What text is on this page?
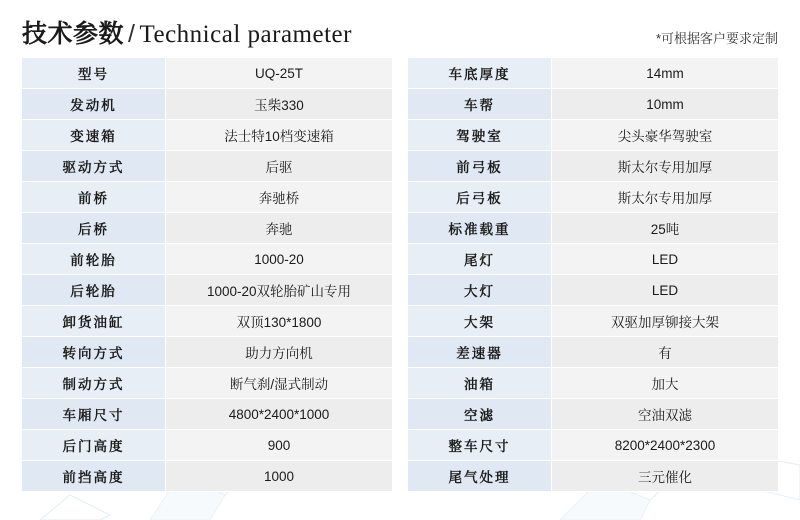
技术参数 / Technical parameter	*可根据客户要求定制
型号	UQ-25T
发动机	玉柴330
变速箱	法士特10档变速箱
驱动方式	后驱
前桥	奔驰桥
后桥	奔驰
前轮胎	1000-20
后轮胎	1000-20双轮胎矿山专用
卸货油缸	双顶130*1800
转向方式	助力方向机
制动方式	断气刹/湿式制动
车厢尺寸	4800*2400*1000
后门高度	900
前挡高度	1000
车底厚度	14mm
车帮	10mm
驾驶室	尖头豪华驾驶室
前弓板	斯太尔专用加厚
后弓板	斯太尔专用加厚
标准载重	25吨
尾灯	LED
大灯	LED
大架	双驱加厚铆接大架
差速器	有
油箱	加大
空滤	空油双滤
整车尺寸	8200*2400*2300
尾气处理	三元催化
